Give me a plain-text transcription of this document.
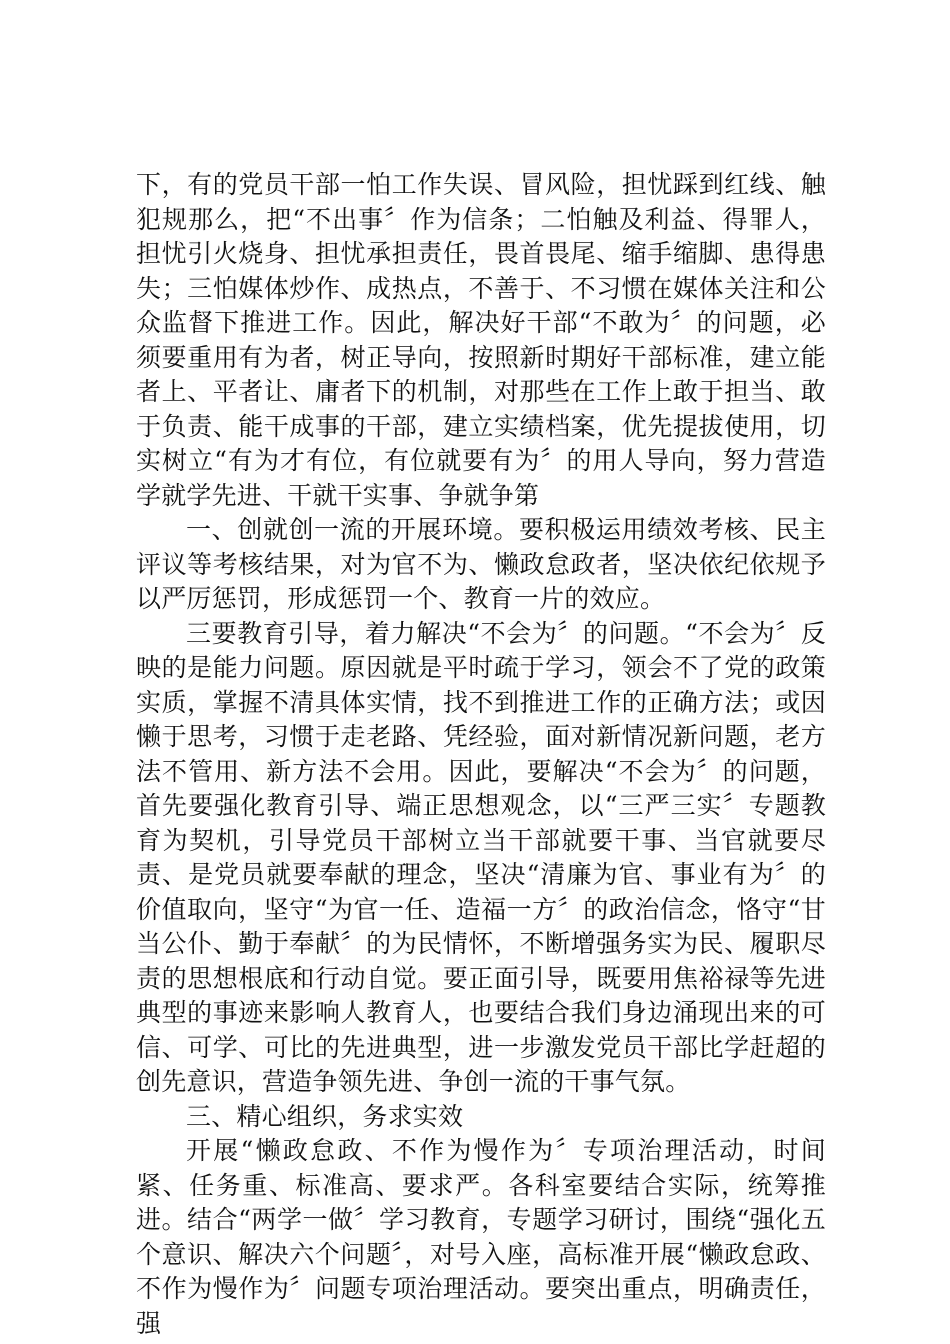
下，有的党员干部一怕工作失误、冒风险，担忧踩到红线、触犯规那么，把“不出事〞作为信条；二怕触及利益、得罪人，担忧引火烧身、担忧承担责任，畏首畏尾、缩手缩脚、患得患失；三怕媒体炒作、成热点，不善于、不习惯在媒体关注和公众监督下推进工作。因此，解决好干部“不敢为〞的问题，必须要重用有为者，树正导向，按照新时期好干部标准，建立能者上、平者让、庸者下的机制，对那些在工作上敢于担当、敢于负责、能干成事的干部，建立实绩档案，优先提拔使用，切实树立“有为才有位，有位就要有为〞的用人导向，努力营造学就学先进、干就干实事、争就争第

一、创就创一流的开展环境。要积极运用绩效考核、民主评议等考核结果，对为官不为、懒政怠政者，坚决依纪依规予以严厉惩罚，形成惩罚一个、教育一片的效应。

三要教育引导，着力解决“不会为〞的问题。“不会为〞反映的是能力问题。原因就是平时疏于学习，领会不了党的政策实质，掌握不清具体实情，找不到推进工作的正确方法；或因懒于思考，习惯于走老路、凭经验，面对新情况新问题，老方法不管用、新方法不会用。因此，要解决“不会为〞的问题，首先要强化教育引导、端正思想观念，以“三严三实〞专题教育为契机，引导党员干部树立当干部就要干事、当官就要尽责、是党员就要奉献的理念，坚决“清廉为官、事业有为〞的价值取向，坚守“为官一任、造福一方〞的政治信念，恪守“甘当公仆、勤于奉献〞的为民情怀，不断增强务实为民、履职尽责的思想根底和行动自觉。要正面引导，既要用焦裕禄等先进典型的事迹来影响人教育人，也要结合我们身边涌现出来的可信、可学、可比的先进典型，进一步激发党员干部比学赶超的创先意识，营造争领先进、争创一流的干事气氛。

三、精心组织，务求实效

开展“懒政怠政、不作为慢作为〞专项治理活动，时间紧、任务重、标准高、要求严。各科室要结合实际，统筹推进。结合“两学一做〞学习教育，专题学习研讨，围绕“强化五个意识、解决六个问题〞，对号入座，高标准开展“懒政怠政、不作为慢作为〞问题专项治理活动。要突出重点，明确责任，强
